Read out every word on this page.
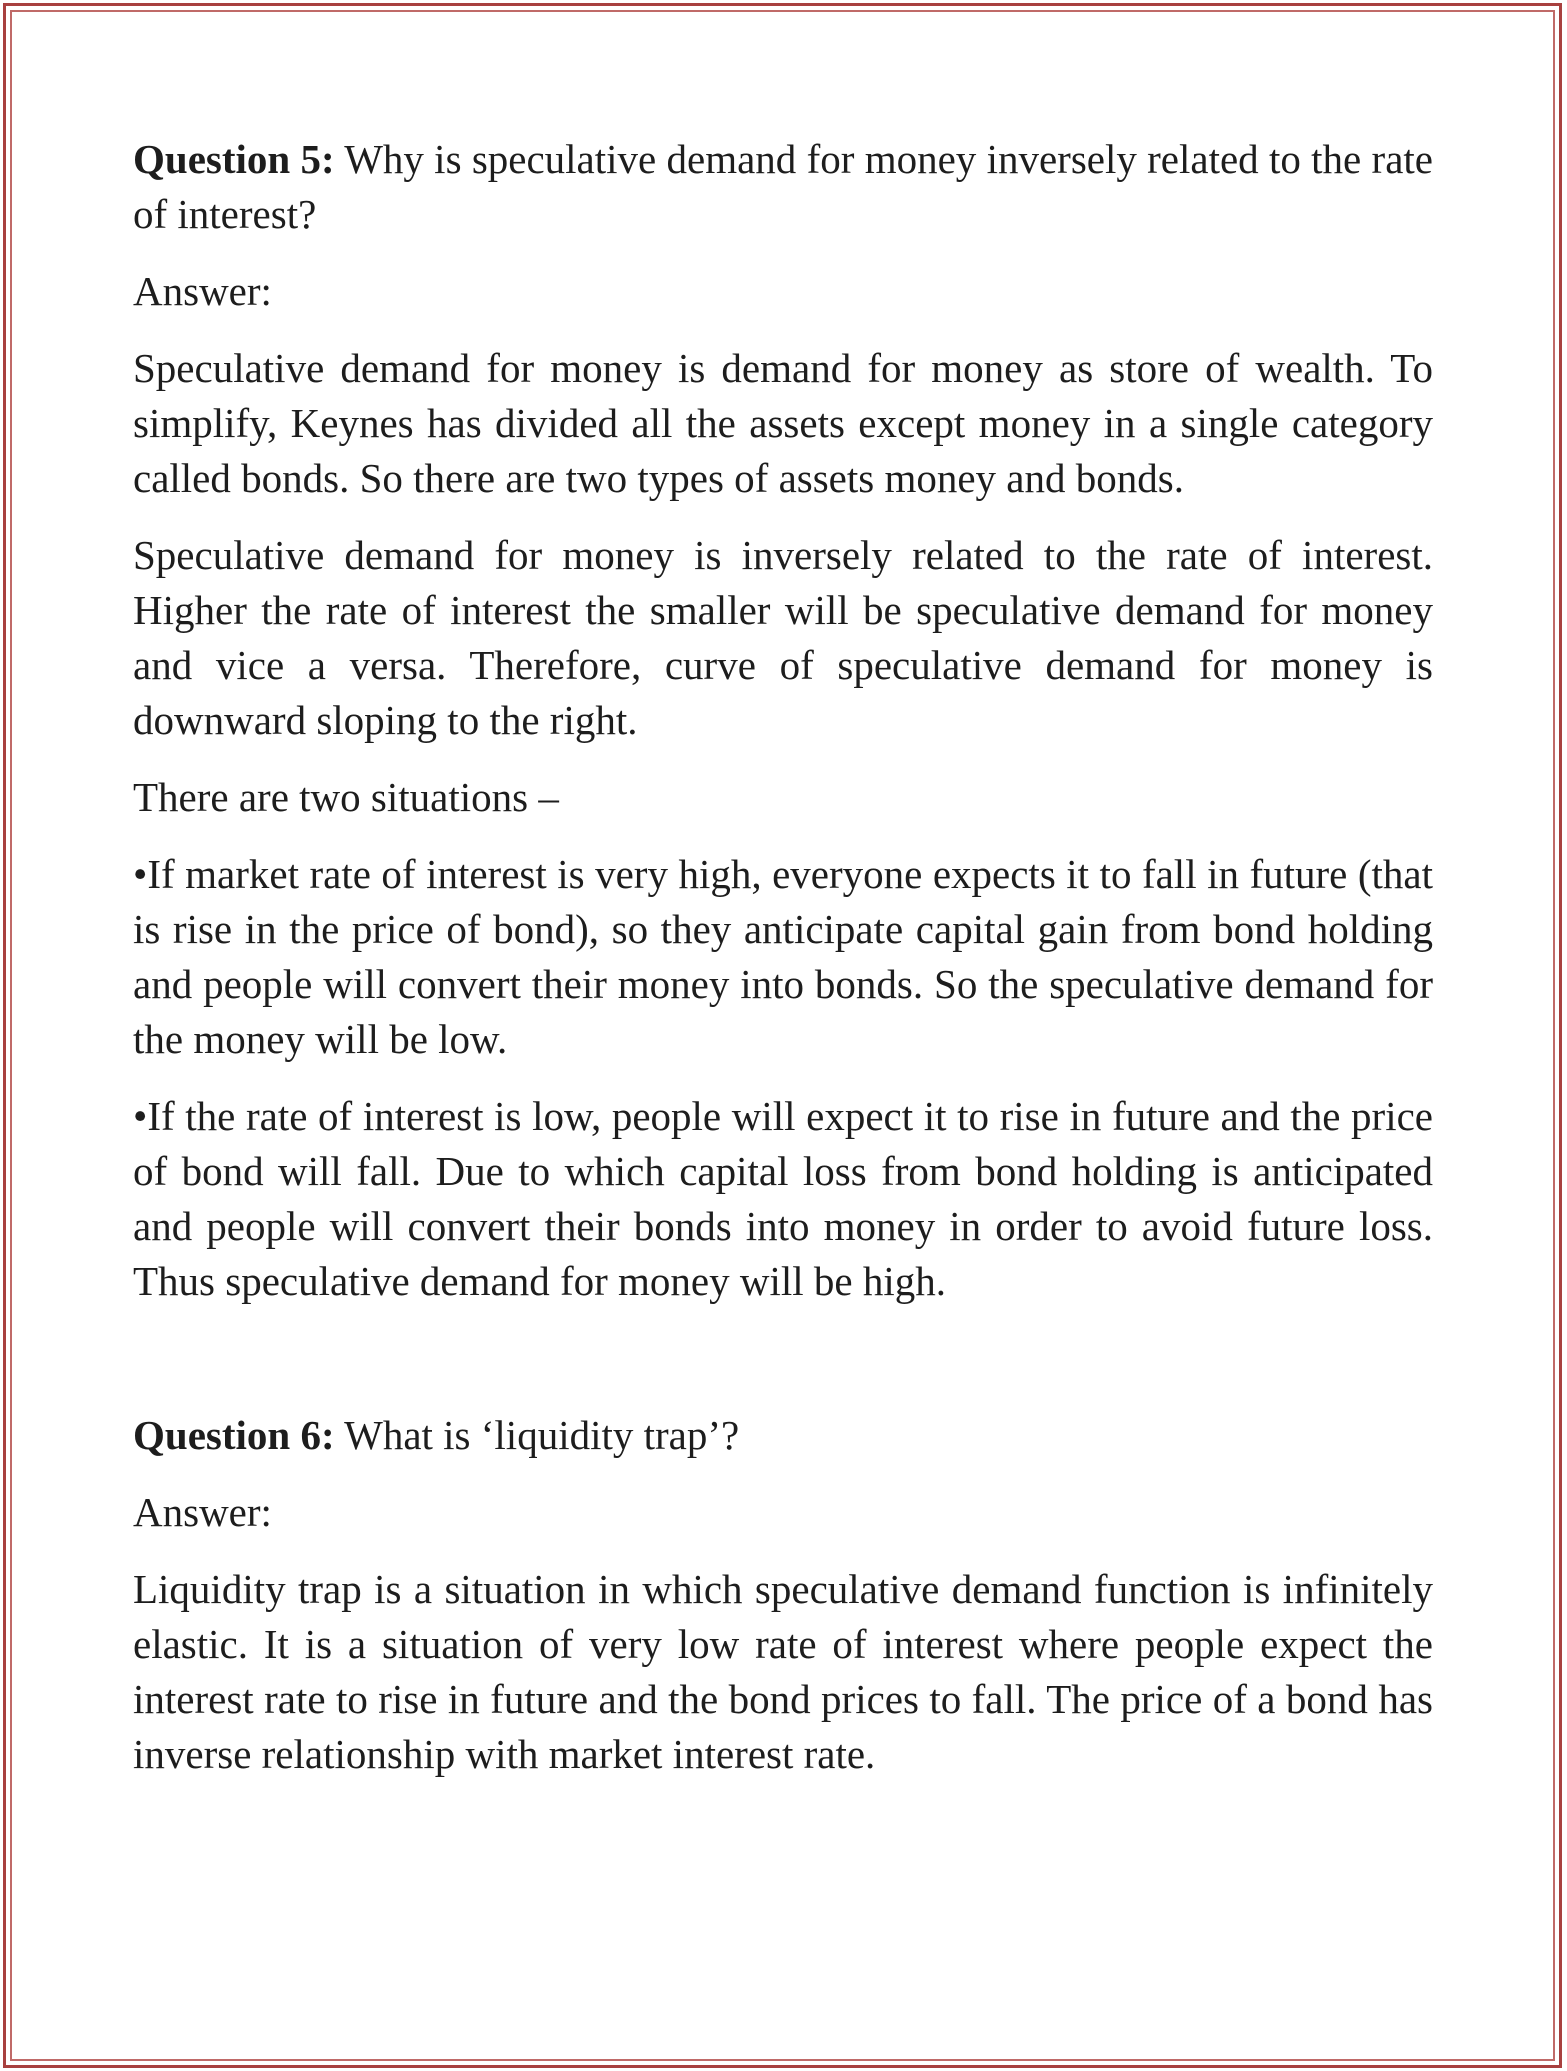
Question 5: Why is speculative demand for money inversely related to the rate of interest?

Answer:

Speculative demand for money is demand for money as store of wealth. To simplify, Keynes has divided all the assets except money in a single category called bonds. So there are two types of assets money and bonds.

Speculative demand for money is inversely related to the rate of interest. Higher the rate of interest the smaller will be speculative demand for money and vice a versa. Therefore, curve of speculative demand for money is downward sloping to the right.

There are two situations –

•If market rate of interest is very high, everyone expects it to fall in future (that is rise in the price of bond), so they anticipate capital gain from bond holding and people will convert their money into bonds. So the speculative demand for the money will be low.

•If the rate of interest is low, people will expect it to rise in future and the price of bond will fall. Due to which capital loss from bond holding is anticipated and people will convert their bonds into money in order to avoid future loss. Thus speculative demand for money will be high.

Question 6: What is ‘liquidity trap’?

Answer:

Liquidity trap is a situation in which speculative demand function is infinitely elastic. It is a situation of very low rate of interest where people expect the interest rate to rise in future and the bond prices to fall. The price of a bond has inverse relationship with market interest rate.
